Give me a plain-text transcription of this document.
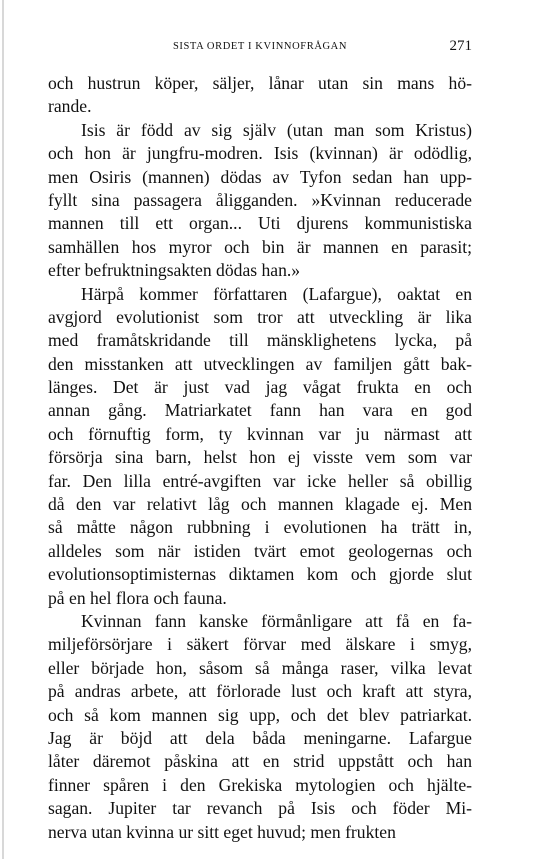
SISTA ORDET I KVINNOFRÅGAN	271
och hustrun köper, säljer, lånar utan sin mans hö-
rande.
Isis är född av sig själv (utan man som Kristus)
och hon är jungfru-modren. Isis (kvinnan) är odödlig,
men Osiris (mannen) dödas av Tyfon sedan han upp-
fyllt sina passagera åligganden. »Kvinnan reducerade
mannen till ett organ... Uti djurens kommunistiska
samhällen hos myror och bin är mannen en parasit;
efter befruktningsakten dödas han.»
Härpå kommer författaren (Lafargue), oaktat en
avgjord evolutionist som tror att utveckling är lika
med framåtskridande till mänsklighetens lycka, på
den misstanken att utvecklingen av familjen gått bak-
länges. Det är just vad jag vågat frukta en och
annan gång. Matriarkatet fann han vara en god
och förnuftig form, ty kvinnan var ju närmast att
försörja sina barn, helst hon ej visste vem som var
far. Den lilla entré-avgiften var icke heller så obillig
då den var relativt låg och mannen klagade ej. Men
så måtte någon rubbning i evolutionen ha trätt in,
alldeles som när istiden tvärt emot geologernas och
evolutionsoptimisternas diktamen kom och gjorde slut
på en hel flora och fauna.
Kvinnan fann kanske förmånligare att få en fa-
miljeförsörjare i säkert förvar med älskare i smyg,
eller började hon, såsom så många raser, vilka levat
på andras arbete, att förlorade lust och kraft att styra,
och så kom mannen sig upp, och det blev patriarkat.
Jag är böjd att dela båda meningarne. Lafargue
låter däremot påskina att en strid uppstått och han
finner spåren i den Grekiska mytologien och hjälte-
sagan. Jupiter tar revanch på Isis och föder Mi-
nerva utan kvinna ur sitt eget huvud; men frukten
